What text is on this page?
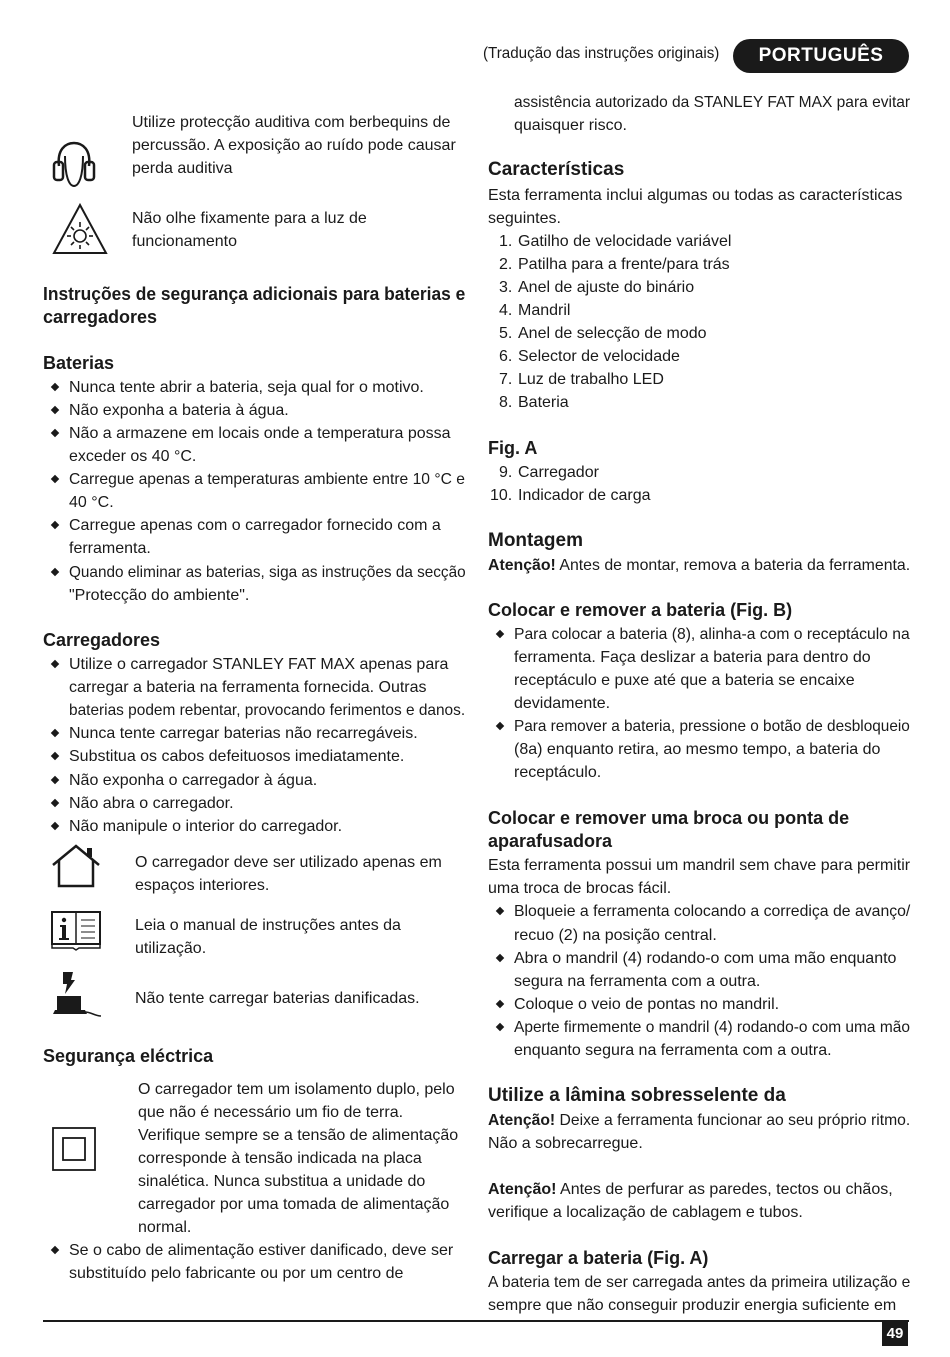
(Tradução das instruções originais)	PORTUGUÊS
Utilize protecção auditiva com berbequins de
percussão. A exposição ao ruído pode causar
perda auditiva
Não olhe fixamente para a luz de
funcionamento
Instruções de segurança adicionais para baterias e
carregadores
Baterias
Nunca tente abrir a bateria, seja qual for o motivo.
Não exponha a bateria à água.
Não a armazene em locais onde a temperatura possa
exceder os 40 °C.
Carregue apenas a temperaturas ambiente entre 10 °C e
40 °C.
Carregue apenas com o carregador fornecido com a
ferramenta.
Quando eliminar as baterias, siga as instruções da secção
"Protecção do ambiente".
Carregadores
Utilize o carregador STANLEY FAT MAX apenas para
carregar a bateria na ferramenta fornecida. Outras
baterias podem rebentar, provocando ferimentos e danos.
Nunca tente carregar baterias não recarregáveis.
Substitua os cabos defeituosos imediatamente.
Não exponha o carregador à água.
Não abra o carregador.
Não manipule o interior do carregador.
O carregador deve ser utilizado apenas em
espaços interiores.
Leia o manual de instruções antes da
utilização.
Não tente carregar baterias danificadas.
Segurança eléctrica
O carregador tem um isolamento duplo, pelo
que não é necessário um fio de terra.
Verifique sempre se a tensão de alimentação
corresponde à tensão indicada na placa
sinalética. Nunca substitua a unidade do
carregador por uma tomada de alimentação
normal.
Se o cabo de alimentação estiver danificado, deve ser
substituído pelo fabricante ou por um centro de
assistência autorizado da STANLEY FAT MAX para evitar
quaisquer risco.
Características
Esta ferramenta inclui algumas ou todas as características
seguintes.
1. Gatilho de velocidade variável
2. Patilha para a frente/para trás
3. Anel de ajuste do binário
4. Mandril
5. Anel de selecção de modo
6. Selector de velocidade
7. Luz de trabalho LED
8. Bateria
Fig. A
9. Carregador
10. Indicador de carga
Montagem
Atenção! Antes de montar, remova a bateria da ferramenta.
Colocar e remover a bateria (Fig. B)
Para colocar a bateria (8), alinha-a com o receptáculo na
ferramenta. Faça deslizar a bateria para dentro do
receptáculo e puxe até que a bateria se encaixe
devidamente.
Para remover a bateria, pressione o botão de desbloqueio
(8a) enquanto retira, ao mesmo tempo, a bateria do
receptáculo.
Colocar e remover uma broca ou ponta de
aparafusadora
Esta ferramenta possui um mandril sem chave para permitir
uma troca de brocas fácil.
Bloqueie a ferramenta colocando a corrediça de avanço/
recuo (2) na posição central.
Abra o mandril (4) rodando-o com uma mão enquanto
segura na ferramenta com a outra.
Coloque o veio de pontas no mandril.
Aperte firmemente o mandril (4) rodando-o com uma mão
enquanto segura na ferramenta com a outra.
Utilize a lâmina sobresselente da
Atenção! Deixe a ferramenta funcionar ao seu próprio ritmo.
Não a sobrecarregue.
Atenção! Antes de perfurar as paredes, tectos ou chãos,
verifique a localização de cablagem e tubos.
Carregar a bateria (Fig. A)
A bateria tem de ser carregada antes da primeira utilização e
sempre que não conseguir produzir energia suficiente em
49
